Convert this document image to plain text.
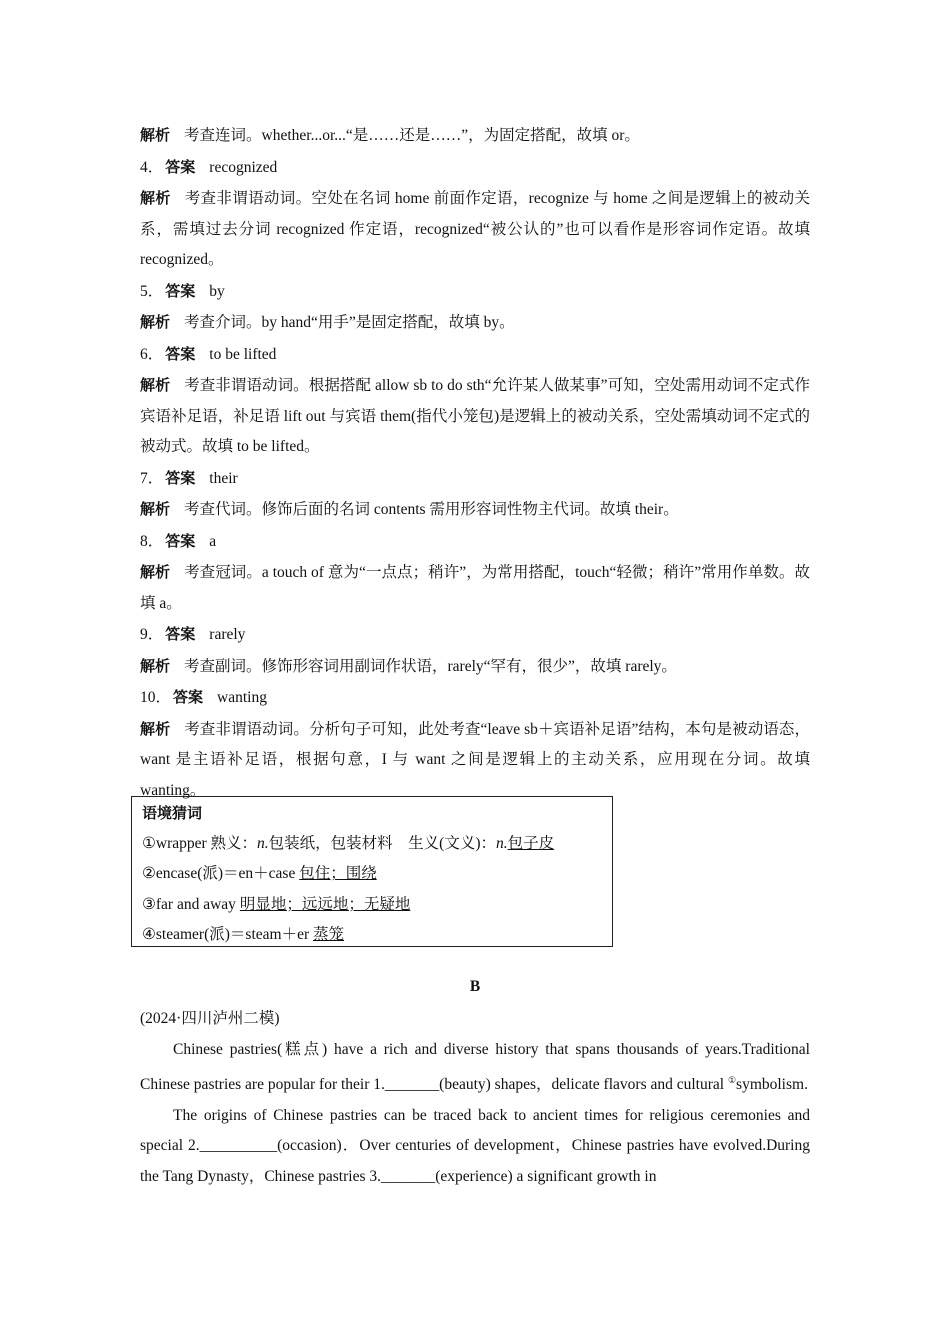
解析 考查连词。whether...or...“是……还是……”，为固定搭配，故填 or。
4． 答案 recognized
解析 考查非谓语动词。空处在名词 home 前面作定语，recognize 与 home 之间是逻辑上的被动关系，需填过去分词 recognized 作定语，recognized“被公认的”也可以看作是形容词作定语。故填 recognized。
5． 答案 by
解析 考查介词。by hand“用手”是固定搭配，故填 by。
6． 答案 to be lifted
解析 考查非谓语动词。根据搭配 allow sb to do sth“允许某人做某事”可知，空处需用动词不定式作宾语补足语，补足语 lift out 与宾语 them(指代小笼包)是逻辑上的被动关系，空处需填动词不定式的被动式。故填 to be lifted。
7． 答案 their
解析 考查代词。修饰后面的名词 contents 需用形容词性物主代词。故填 their。
8． 答案 a
解析 考查冠词。a touch of 意为“一点点；稍许”，为常用搭配，touch“轻微；稍许”常用作单数。故填 a。
9． 答案 rarely
解析 考查副词。修饰形容词用副词作状语，rarely“罕有，很少”，故填 rarely。
10． 答案 wanting
解析 考查非谓语动词。分析句子可知，此处考查“leave sb＋宾语补足语”结构，本句是被动语态，want 是主语补足语，根据句意，I 与 want 之间是逻辑上的主动关系，应用现在分词。故填 wanting。
语境猜词
①wrapper 熟义：n.包装纸，包装材料　生义(文义)：n.包子皮
②encase(派)＝en＋case 包住；围绕
③far and away 明显地；远远地；无疑地
④steamer(派)＝steam＋er 蒸笼
B
(2024·四川泸州二模)
Chinese pastries(糕点) have a rich and diverse history that spans thousands of years.Traditional Chinese pastries are popular for their 1._______(beauty) shapes，delicate flavors and cultural ①symbolism.
The origins of Chinese pastries can be traced back to ancient times for religious ceremonies and special 2.__________(occasion)．Over centuries of development，Chinese pastries have evolved.During the Tang Dynasty，Chinese pastries 3._______(experience) a significant growth in
